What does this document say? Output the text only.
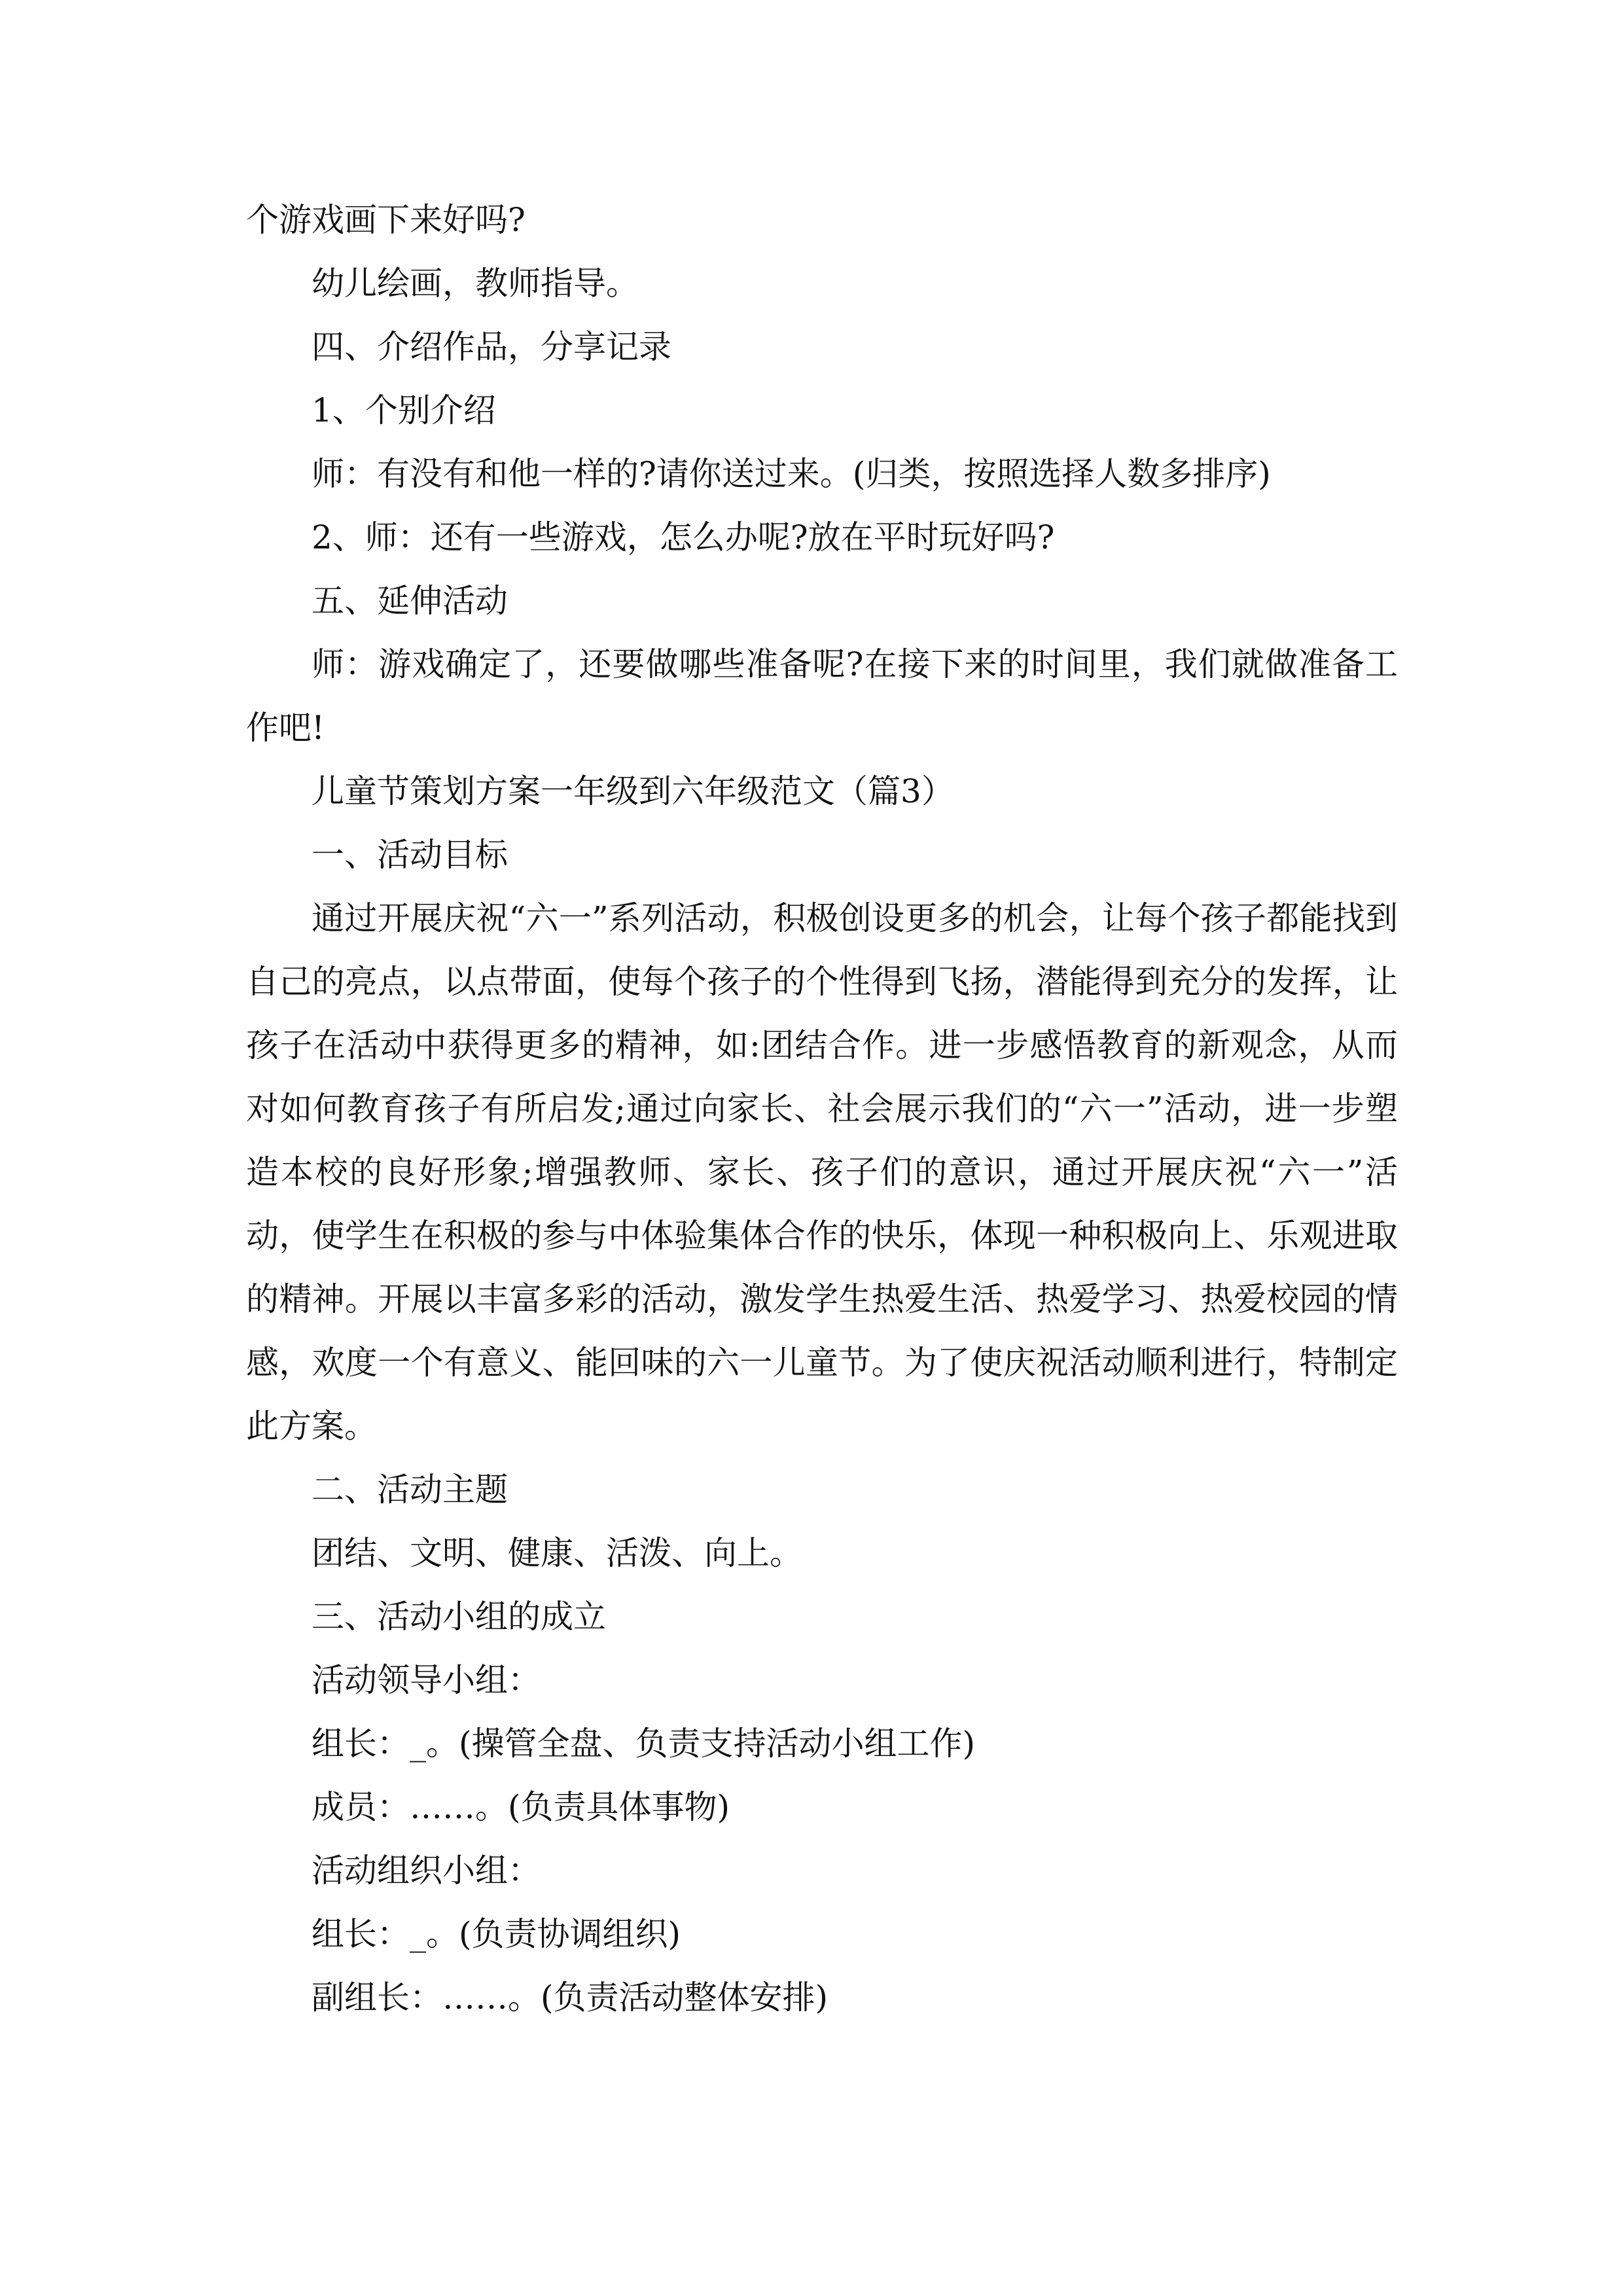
个游戏画下来好吗?

幼儿绘画，教师指导。

四、介绍作品，分享记录

1、个别介绍

师：有没有和他一样的?请你送过来。(归类，按照选择人数多排序)

2、师：还有一些游戏，怎么办呢?放在平时玩好吗?

五、延伸活动

师：游戏确定了，还要做哪些准备呢?在接下来的时间里，我们就做准备工作吧!

儿童节策划方案一年级到六年级范文（篇3）

一、活动目标

通过开展庆祝“六一”系列活动，积极创设更多的机会，让每个孩子都能找到自己的亮点，以点带面，使每个孩子的个性得到飞扬，潜能得到充分的发挥，让孩子在活动中获得更多的精神，如:团结合作。进一步感悟教育的新观念，从而对如何教育孩子有所启发;通过向家长、社会展示我们的“六一”活动，进一步塑造本校的良好形象;增强教师、家长、孩子们的意识，通过开展庆祝“六一”活动，使学生在积极的参与中体验集体合作的快乐，体现一种积极向上、乐观进取的精神。开展以丰富多彩的活动，激发学生热爱生活、热爱学习、热爱校园的情感，欢度一个有意义、能回味的六一儿童节。为了使庆祝活动顺利进行，特制定此方案。

二、活动主题

团结、文明、健康、活泼、向上。

三、活动小组的成立

活动领导小组：

组长：_。(操管全盘、负责支持活动小组工作)

成员：……。(负责具体事物)

活动组织小组：

组长：_。(负责协调组织)

副组长：……。(负责活动整体安排)
